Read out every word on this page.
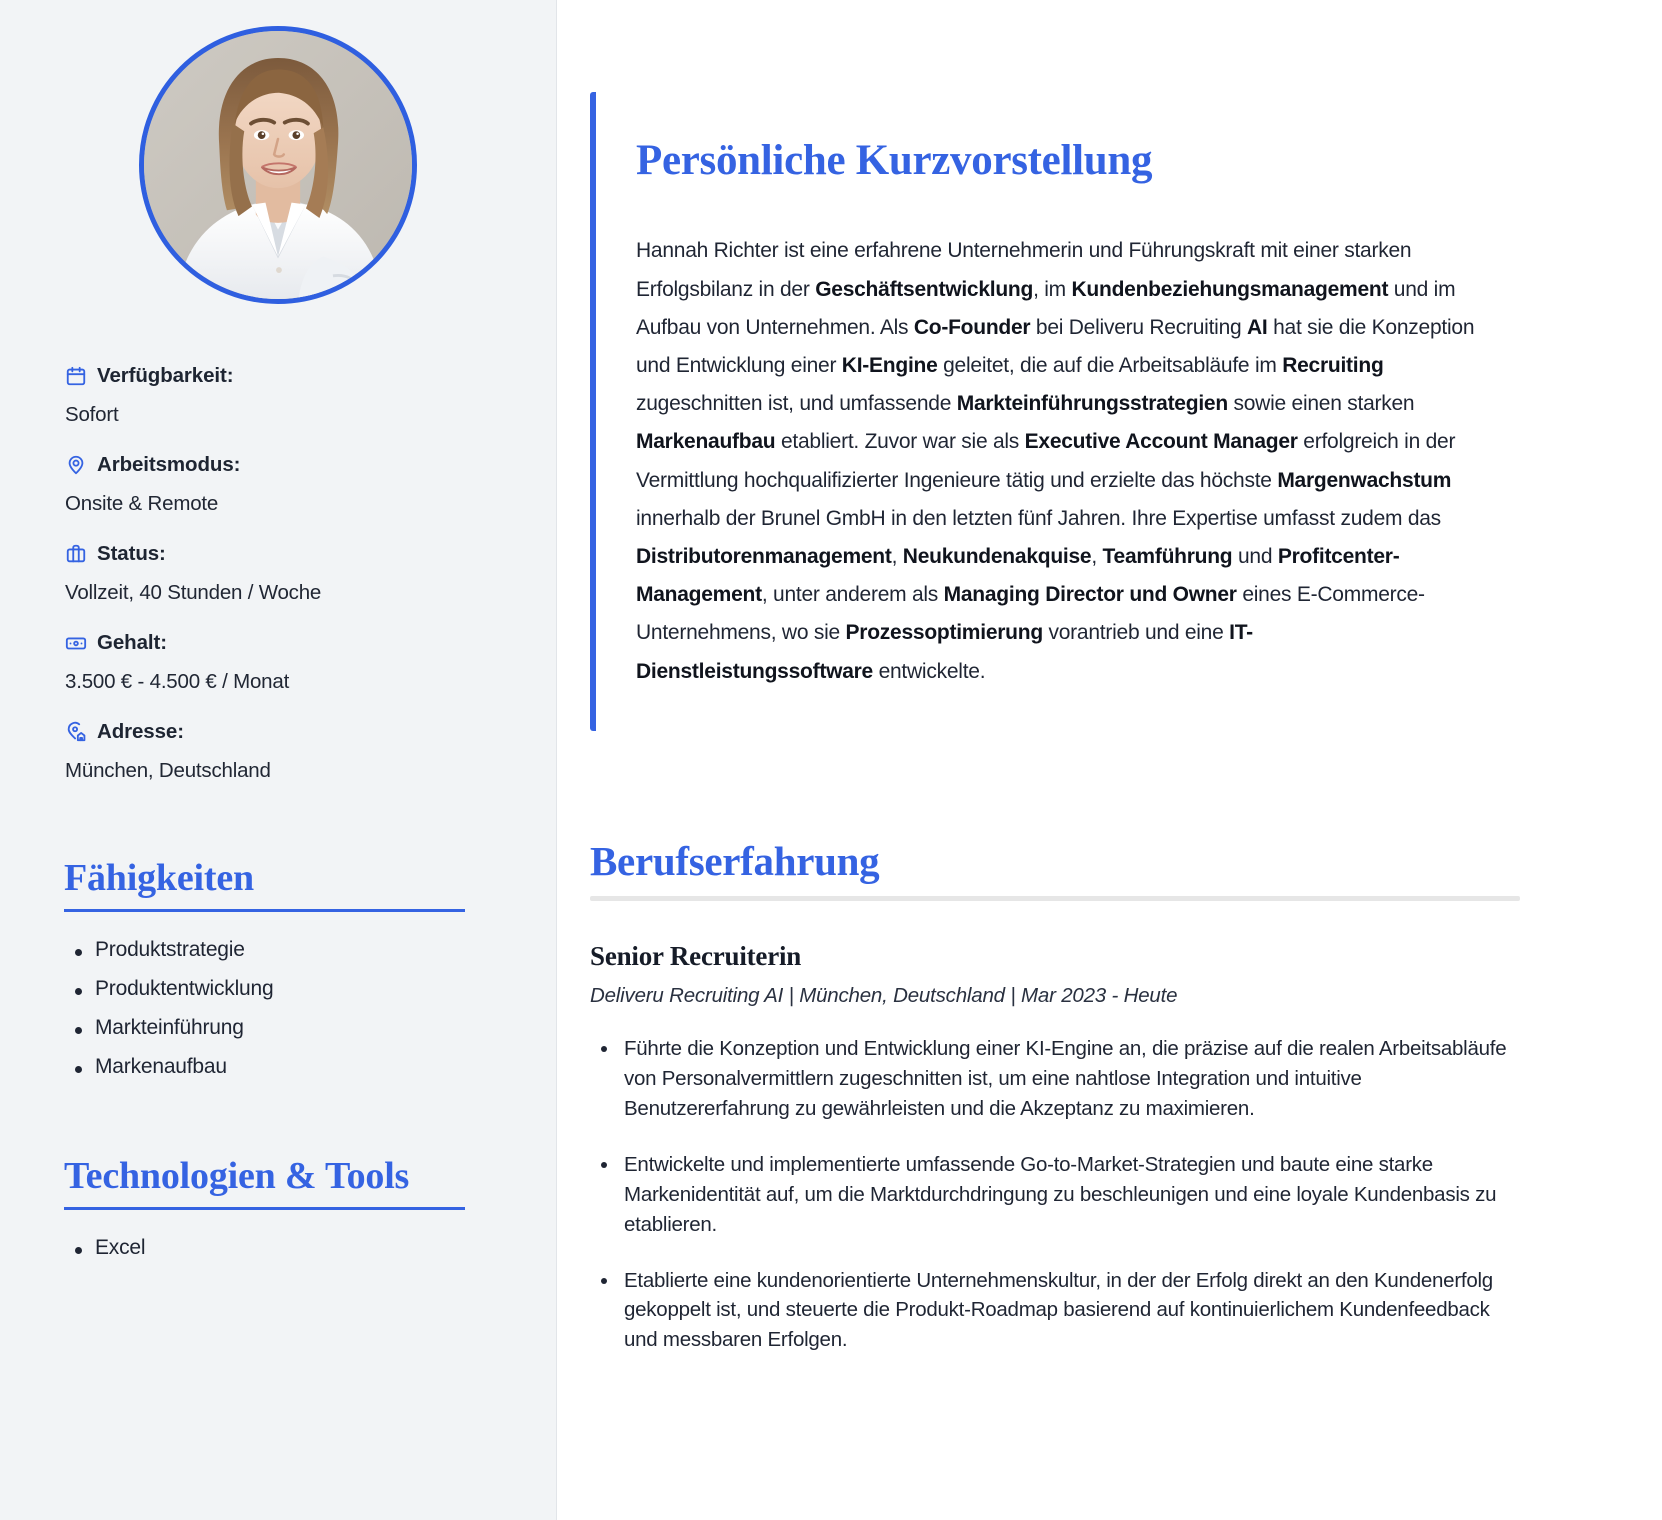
Verfügbarkeit:
Sofort
Arbeitsmodus:
Onsite & Remote
Status:
Vollzeit, 40 Stunden / Woche
Gehalt:
3.500 € - 4.500 € / Monat
Adresse:
München, Deutschland
Fähigkeiten
Produktstrategie
Produktentwicklung
Markteinführung
Markenaufbau
Technologien & Tools
Excel
Persönliche Kurzvorstellung

Hannah Richter ist eine erfahrene Unternehmerin und Führungskraft mit einer starken Erfolgsbilanz in der Geschäftsentwicklung, im Kundenbeziehungsmanagement und im Aufbau von Unternehmen. Als Co-Founder bei Deliveru Recruiting AI hat sie die Konzeption und Entwicklung einer KI-Engine geleitet, die auf die Arbeitsabläufe im Recruiting zugeschnitten ist, und umfassende Markteinführungsstrategien sowie einen starken Markenaufbau etabliert. Zuvor war sie als Executive Account Manager erfolgreich in der Vermittlung hochqualifizierter Ingenieure tätig und erzielte das höchste Margenwachstum innerhalb der Brunel GmbH in den letzten fünf Jahren. Ihre Expertise umfasst zudem das Distributorenmanagement, Neukundenakquise, Teamführung und Profitcenter-Management, unter anderem als Managing Director und Owner eines E-Commerce-Unternehmens, wo sie Prozessoptimierung vorantrieb und eine IT-Dienstleistungssoftware entwickelte.

Berufserfahrung
Senior Recruiterin
Deliveru Recruiting AI | München, Deutschland | Mar 2023 - Heute
Führte die Konzeption und Entwicklung einer KI-Engine an, die präzise auf die realen Arbeitsabläufe von Personalvermittlern zugeschnitten ist, um eine nahtlose Integration und intuitive Benutzererfahrung zu gewährleisten und die Akzeptanz zu maximieren.
Entwickelte und implementierte umfassende Go-to-Market-Strategien und baute eine starke Markenidentität auf, um die Marktdurchdringung zu beschleunigen und eine loyale Kundenbasis zu etablieren.
Etablierte eine kundenorientierte Unternehmenskultur, in der der Erfolg direkt an den Kundenerfolg gekoppelt ist, und steuerte die Produkt-Roadmap basierend auf kontinuierlichem Kundenfeedback und messbaren Erfolgen.
